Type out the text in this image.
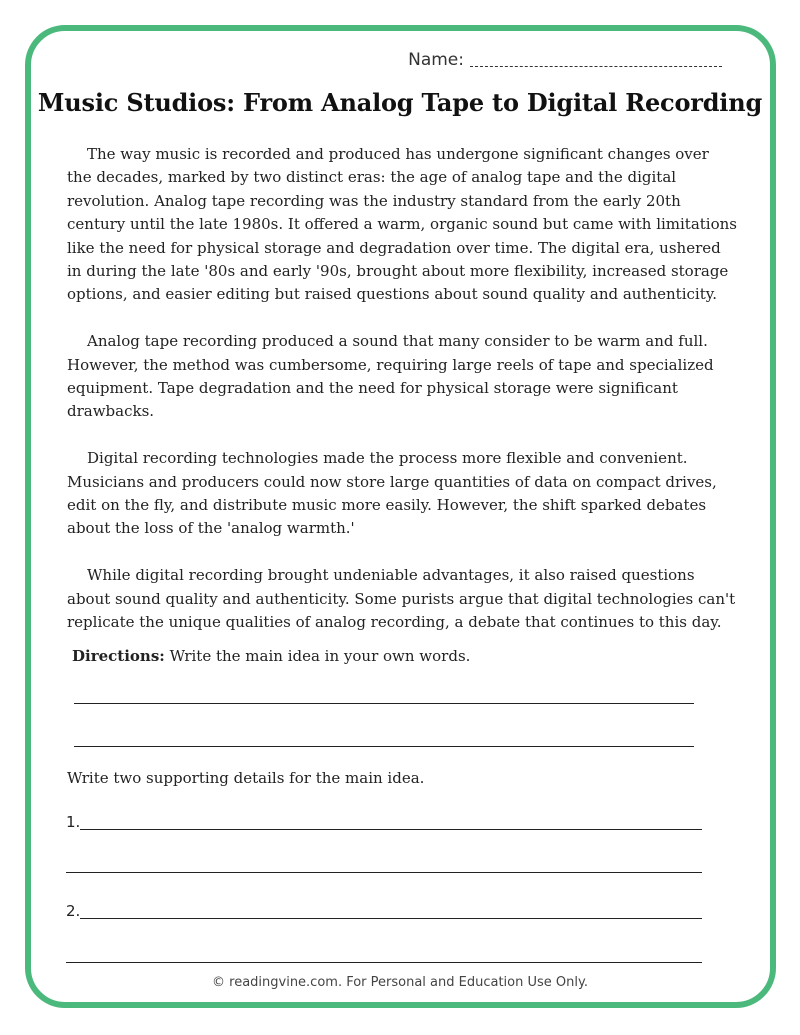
Name:
Music Studios: From Analog Tape to Digital Recording

The way music is recorded and produced has undergone significant changes over the decades, marked by two distinct eras: the age of analog tape and the digital revolution. Analog tape recording was the industry standard from the early 20th century until the late 1980s. It offered a warm, organic sound but came with limitations like the need for physical storage and degradation over time. The digital era, ushered in during the late '80s and early '90s, brought about more flexibility, increased storage options, and easier editing but raised questions about sound quality and authenticity.

Analog tape recording produced a sound that many consider to be warm and full. However, the method was cumbersome, requiring large reels of tape and specialized equipment. Tape degradation and the need for physical storage were significant drawbacks.

Digital recording technologies made the process more flexible and convenient. Musicians and producers could now store large quantities of data on compact drives, edit on the fly, and distribute music more easily. However, the shift sparked debates about the loss of the 'analog warmth.'

While digital recording brought undeniable advantages, it also raised questions about sound quality and authenticity. Some purists argue that digital technologies can't replicate the unique qualities of analog recording, a debate that continues to this day.

Directions: Write the main idea in your own words.
Write two supporting details for the main idea.
1.
2.
© readingvine.com. For Personal and Education Use Only.
